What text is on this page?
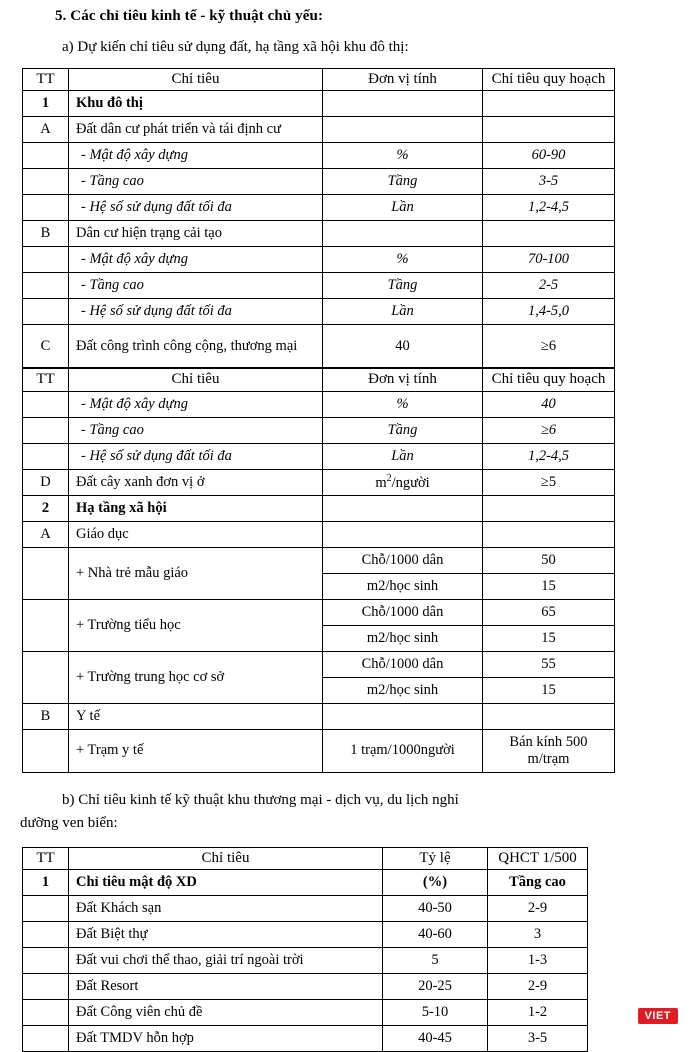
5. Các chỉ tiêu kinh tế - kỹ thuật chủ yếu:
a) Dự kiến chỉ tiêu sử dụng đất, hạ tầng xã hội khu đô thị:
TT	Chỉ tiêu	Đơn vị tính	Chỉ tiêu quy hoạch
1	Khu đô thị		
A	Đất dân cư phát triển và tái định cư		
	- Mật độ xây dựng	%	60-90
	- Tầng cao	Tầng	3-5
	- Hệ số sử dụng đất tối đa	Lần	1,2-4,5
B	Dân cư hiện trạng cải tạo		
	- Mật độ xây dựng	%	70-100
	- Tầng cao	Tầng	2-5
	- Hệ số sử dụng đất tối đa	Lần	1,4-5,0
C	Đất công trình công cộng, thương mại	40	≥6
TT	Chỉ tiêu	Đơn vị tính	Chỉ tiêu quy hoạch
	- Mật độ xây dựng	%	40
	- Tầng cao	Tầng	≥6
	- Hệ số sử dụng đất tối đa	Lần	1,2-4,5
D	Đất cây xanh đơn vị ở	$m^2$/người	≥5
2	Hạ tầng xã hội		
A	Giáo dục		
	+ Nhà trẻ mẫu giáo	Chỗ/1000 dân	50
		m2/học sinh	15
	+ Trường tiểu học	Chỗ/1000 dân	65
		m2/học sinh	15
	+ Trường trung học cơ sở	Chỗ/1000 dân	55
		m2/học sinh	15
B	Y tế		
	+ Trạm y tế	1 trạm/1000người	Bán kính 500 m/trạm
b) Chỉ tiêu kinh tế kỹ thuật khu thương mại - dịch vụ, du lịch nghỉ
dưỡng ven biển:
TT	Chỉ tiêu	Tỷ lệ	QHCT 1/500
1	Chỉ tiêu mật độ XD	(%)	Tầng cao
	Đất Khách sạn	40-50	2-9
	Đất Biệt thự	40-60	3
	Đất vui chơi thể thao, giải trí ngoài trời	5	1-3
	Đất Resort	20-25	2-9
	Đất Công viên chủ đề	5-10	1-2
	Đất TMDV hỗn hợp	40-45	3-5
VIET
